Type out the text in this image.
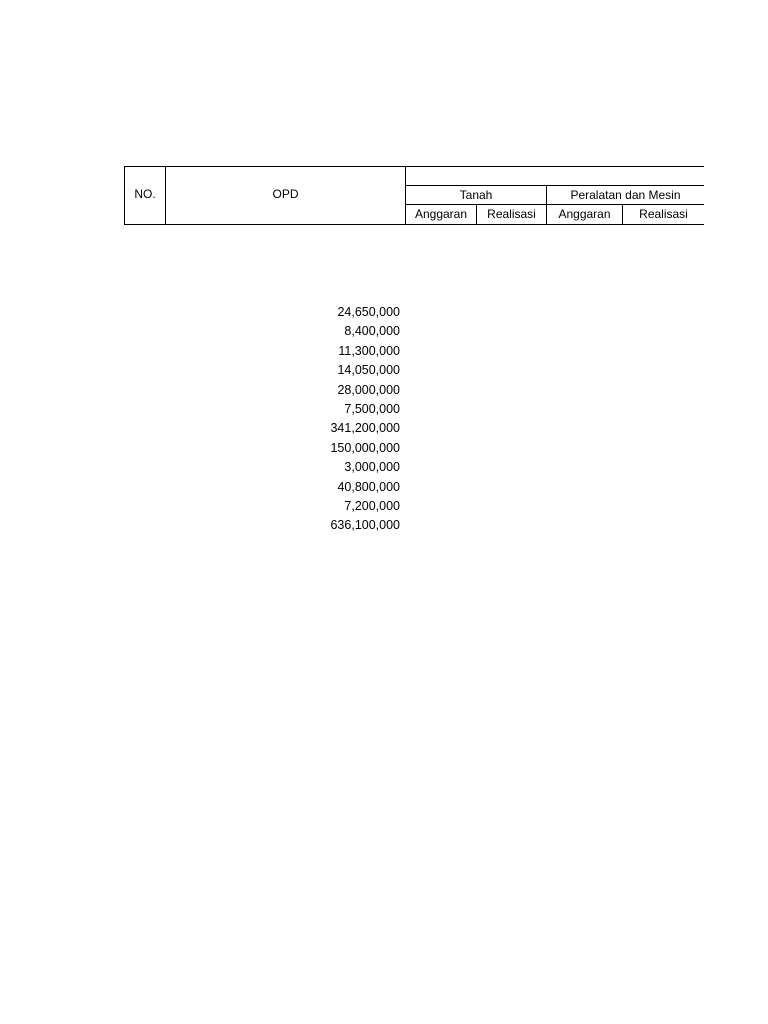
NO.	OPD	Tanah	Peralatan dan Mesin
Anggaran	Realisasi	Anggaran	Realisasi
24,650,000
8,400,000
11,300,000
14,050,000
28,000,000
7,500,000
341,200,000
150,000,000
3,000,000
40,800,000
7,200,000
636,100,000
